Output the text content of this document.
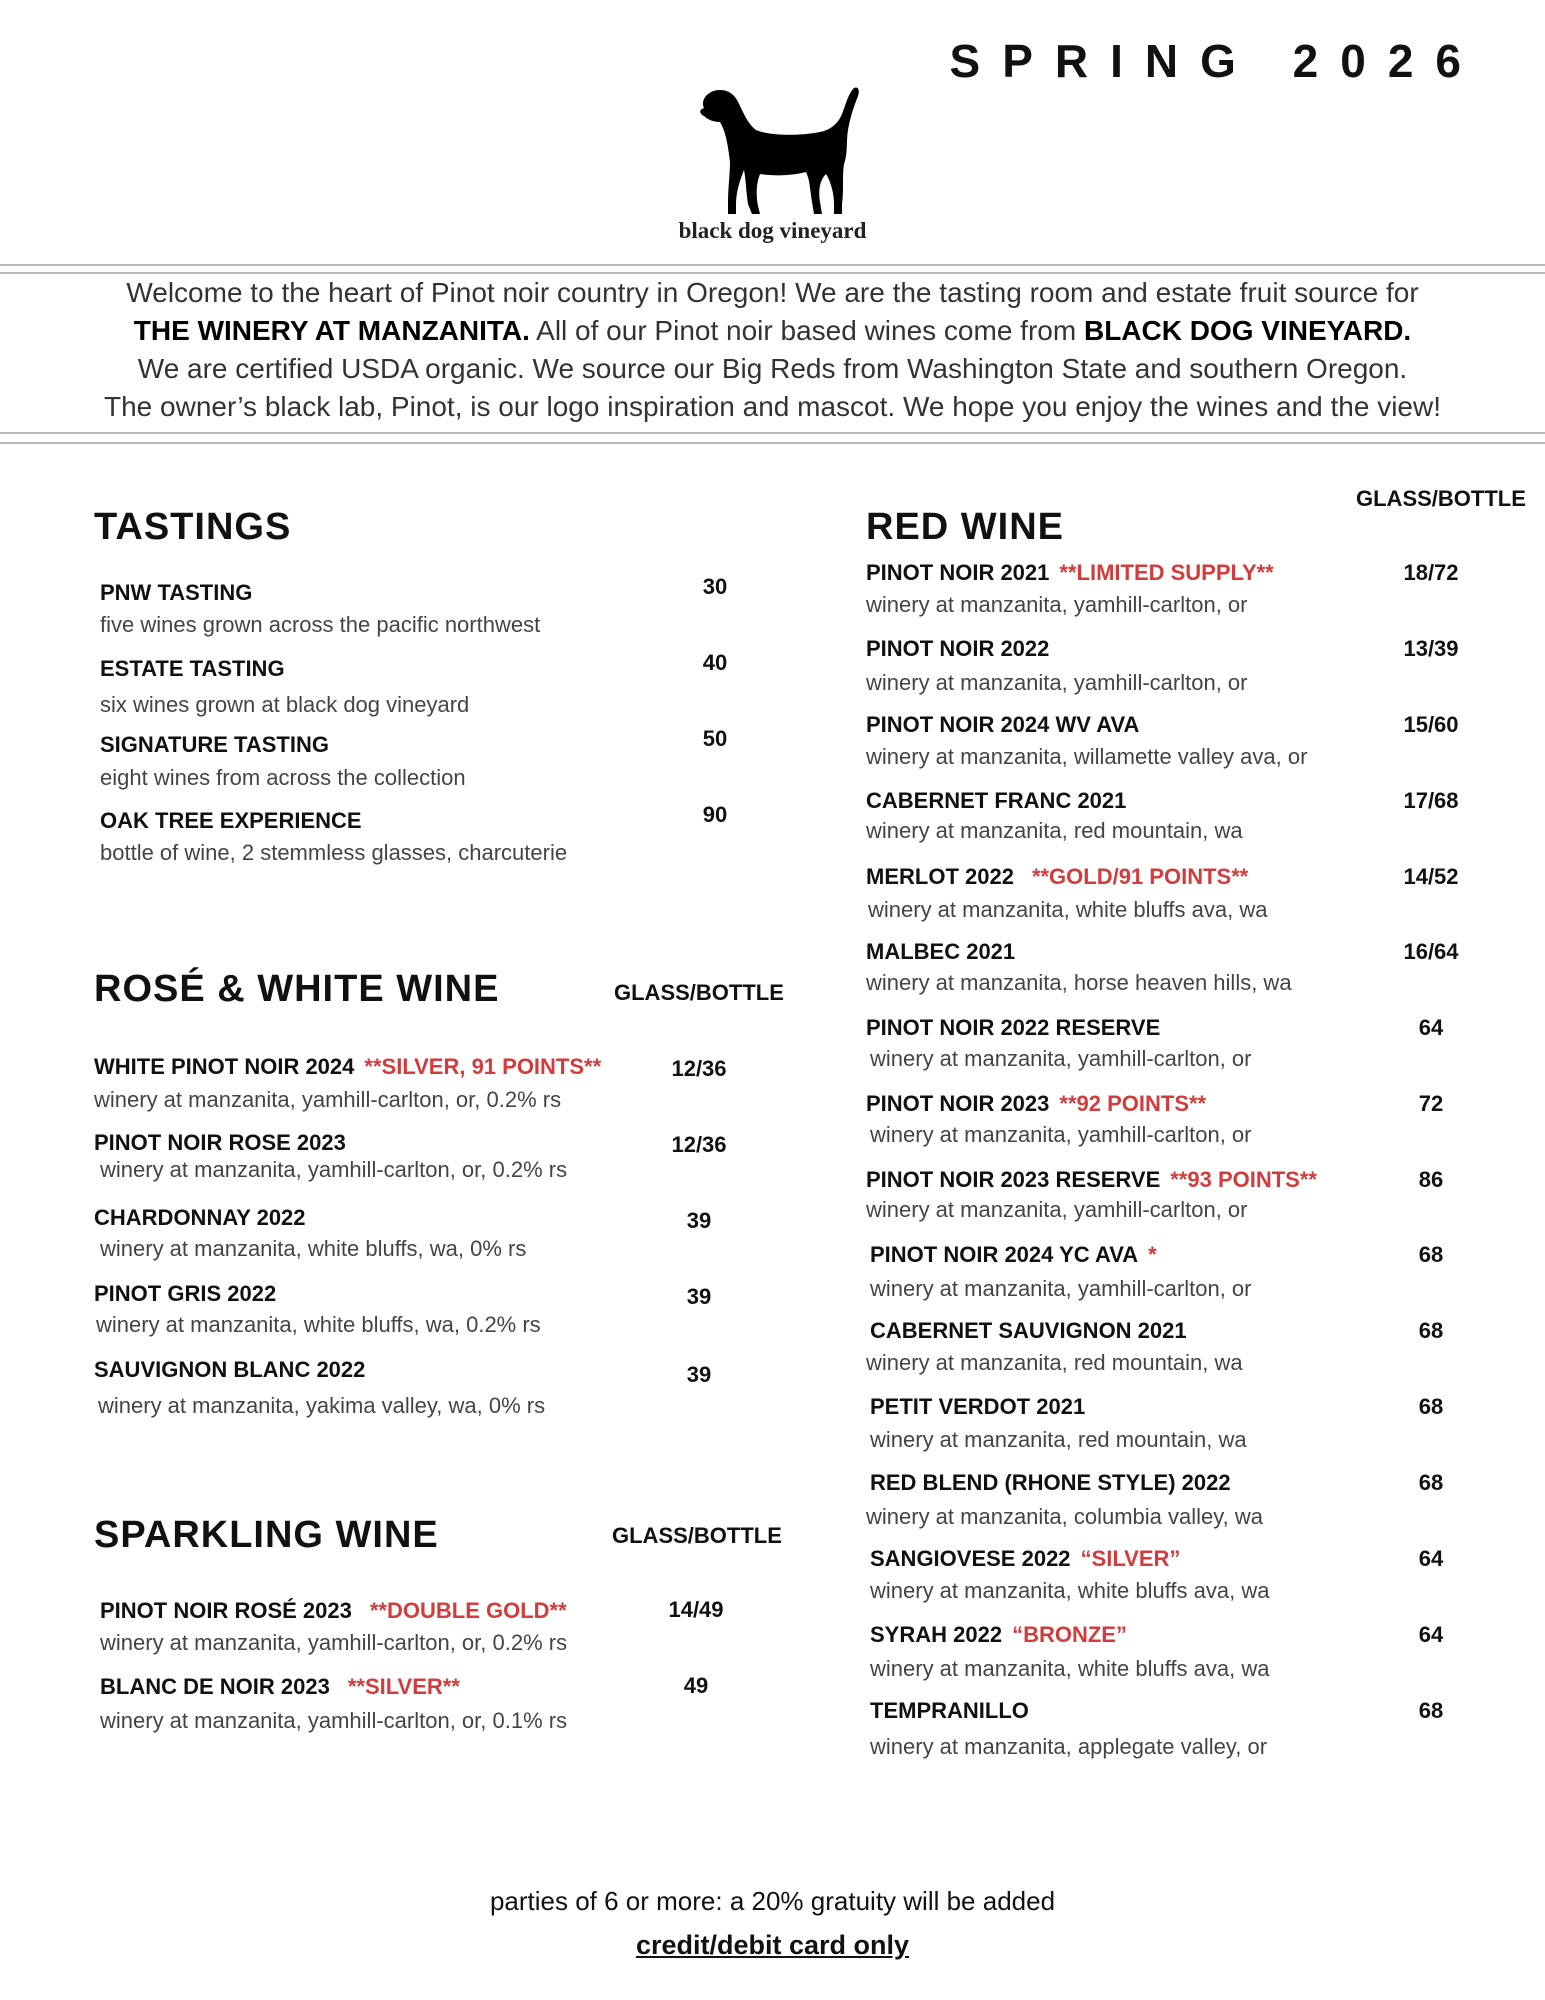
SPRING 2026
black dog vineyard

Welcome to the heart of Pinot noir country in Oregon! We are the tasting room and estate fruit source for

THE WINERY AT MANZANITA. All of our Pinot noir based wines come from BLACK DOG VINEYARD.

We are certified USDA organic. We source our Big Reds from Washington State and southern Oregon.

The owner’s black lab, Pinot, is our logo inspiration and mascot. We hope you enjoy the wines and the view!

TASTINGS
PNW TASTING
five wines grown across the pacific northwest
30
ESTATE TASTING
six wines grown at black dog vineyard
40
SIGNATURE TASTING
eight wines from across the collection
50
OAK TREE EXPERIENCE
bottle of wine, 2 stemmless glasses, charcuterie
90
ROSÉ & WHITE WINE	GLASS/BOTTLE
WHITE PINOT NOIR 2024 **SILVER, 91 POINTS**
winery at manzanita, yamhill-carlton, or, 0.2% rs
12/36
PINOT NOIR ROSE 2023
winery at manzanita, yamhill-carlton, or, 0.2% rs
12/36
CHARDONNAY 2022
winery at manzanita, white bluffs, wa, 0% rs
39
PINOT GRIS 2022
winery at manzanita, white bluffs, wa, 0.2% rs
39
SAUVIGNON BLANC 2022
winery at manzanita, yakima valley, wa, 0% rs
39
SPARKLING WINE	GLASS/BOTTLE
PINOT NOIR ROSÉ 2023 **DOUBLE GOLD**
winery at manzanita, yamhill-carlton, or, 0.2% rs
14/49
BLANC DE NOIR 2023 **SILVER**
winery at manzanita, yamhill-carlton, or, 0.1% rs
49
GLASS/BOTTLE
RED WINE
PINOT NOIR 2021 **LIMITED SUPPLY**
winery at manzanita, yamhill-carlton, or
18/72
PINOT NOIR 2022
winery at manzanita, yamhill-carlton, or
13/39
PINOT NOIR 2024 WV AVA
winery at manzanita, willamette valley ava, or
15/60
CABERNET FRANC 2021
winery at manzanita, red mountain, wa
17/68
MERLOT 2022 **GOLD/91 POINTS**
winery at manzanita, white bluffs ava, wa
14/52
MALBEC 2021
winery at manzanita, horse heaven hills, wa
16/64
PINOT NOIR 2022 RESERVE
winery at manzanita, yamhill-carlton, or
64
PINOT NOIR 2023 **92 POINTS**
winery at manzanita, yamhill-carlton, or
72
PINOT NOIR 2023 RESERVE **93 POINTS**
winery at manzanita, yamhill-carlton, or
86
PINOT NOIR 2024 YC AVA *
winery at manzanita, yamhill-carlton, or
68
CABERNET SAUVIGNON 2021
winery at manzanita, red mountain, wa
68
PETIT VERDOT 2021
winery at manzanita, red mountain, wa
68
RED BLEND (RHONE STYLE) 2022
winery at manzanita, columbia valley, wa
68
SANGIOVESE 2022 “SILVER”
winery at manzanita, white bluffs ava, wa
64
SYRAH 2022 “BRONZE”
winery at manzanita, white bluffs ava, wa
64
TEMPRANILLO
winery at manzanita, applegate valley, or
68
parties of 6 or more: a 20% gratuity will be added
credit/debit card only
